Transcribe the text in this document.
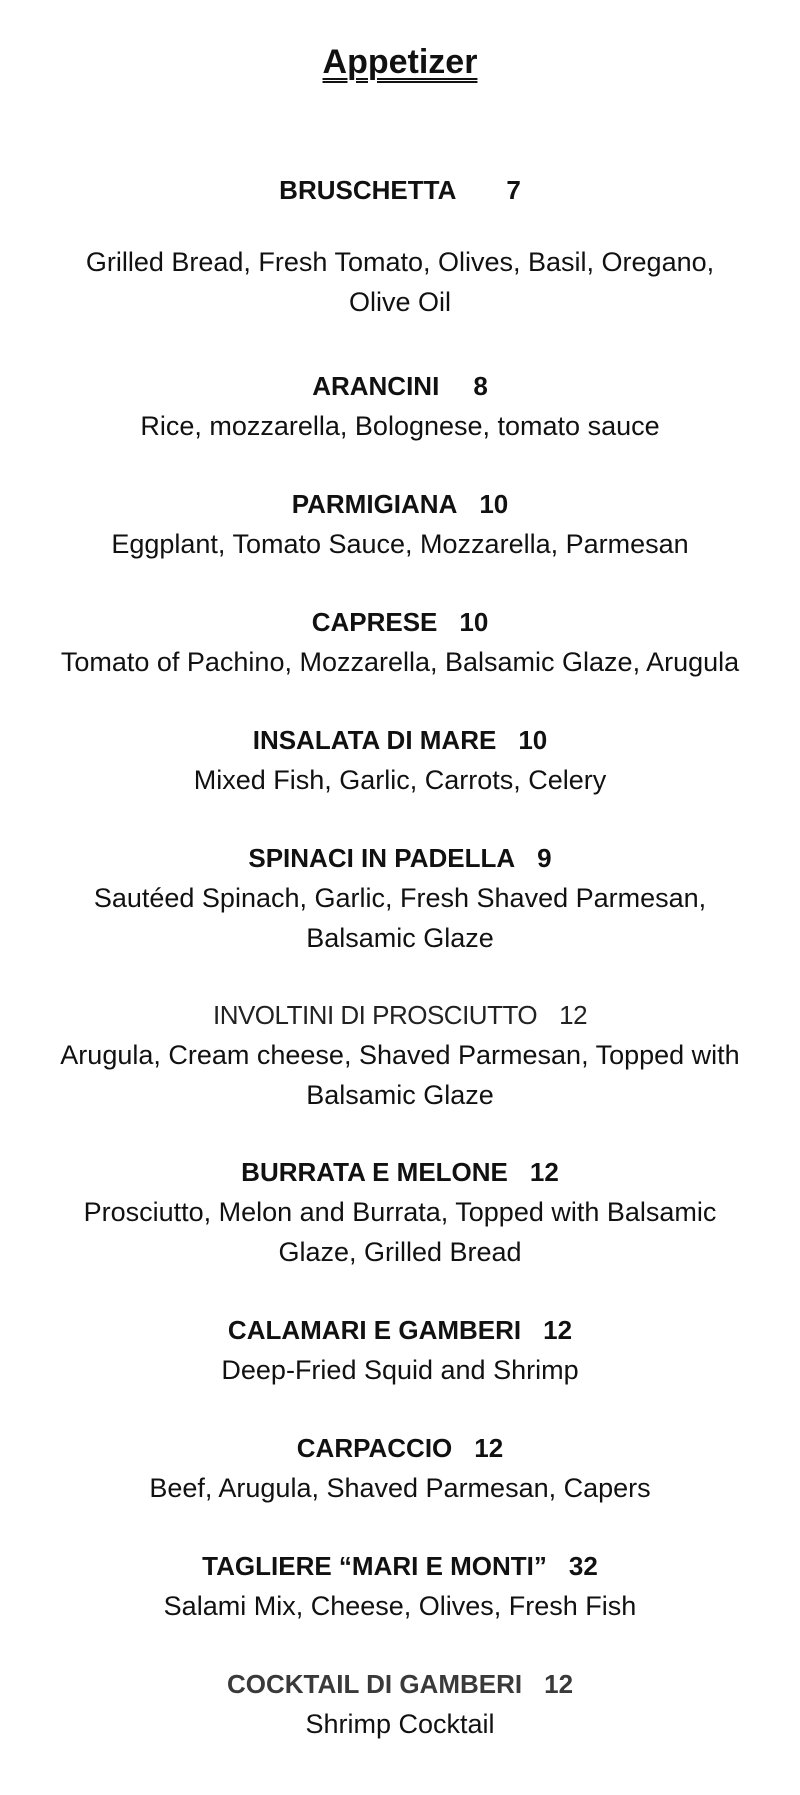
Appetizer
BRUSCHETTA 7
Grilled Bread, Fresh Tomato, Olives, Basil, Oregano,
Olive Oil
ARANCINI 8
Rice, mozzarella, Bolognese, tomato sauce
PARMIGIANA 10
Eggplant, Tomato Sauce, Mozzarella, Parmesan
CAPRESE 10
Tomato of Pachino, Mozzarella, Balsamic Glaze, Arugula
INSALATA DI MARE 10
Mixed Fish, Garlic, Carrots, Celery
SPINACI IN PADELLA 9
Sautéed Spinach, Garlic, Fresh Shaved Parmesan,
Balsamic Glaze
INVOLTINI DI PROSCIUTTO 12
Arugula, Cream cheese, Shaved Parmesan, Topped with
Balsamic Glaze
BURRATA E MELONE 12
Prosciutto, Melon and Burrata, Topped with Balsamic
Glaze, Grilled Bread
CALAMARI E GAMBERI 12
Deep-Fried Squid and Shrimp
CARPACCIO 12
Beef, Arugula, Shaved Parmesan, Capers
TAGLIERE “MARI E MONTI” 32
Salami Mix, Cheese, Olives, Fresh Fish
COCKTAIL DI GAMBERI 12
Shrimp Cocktail
